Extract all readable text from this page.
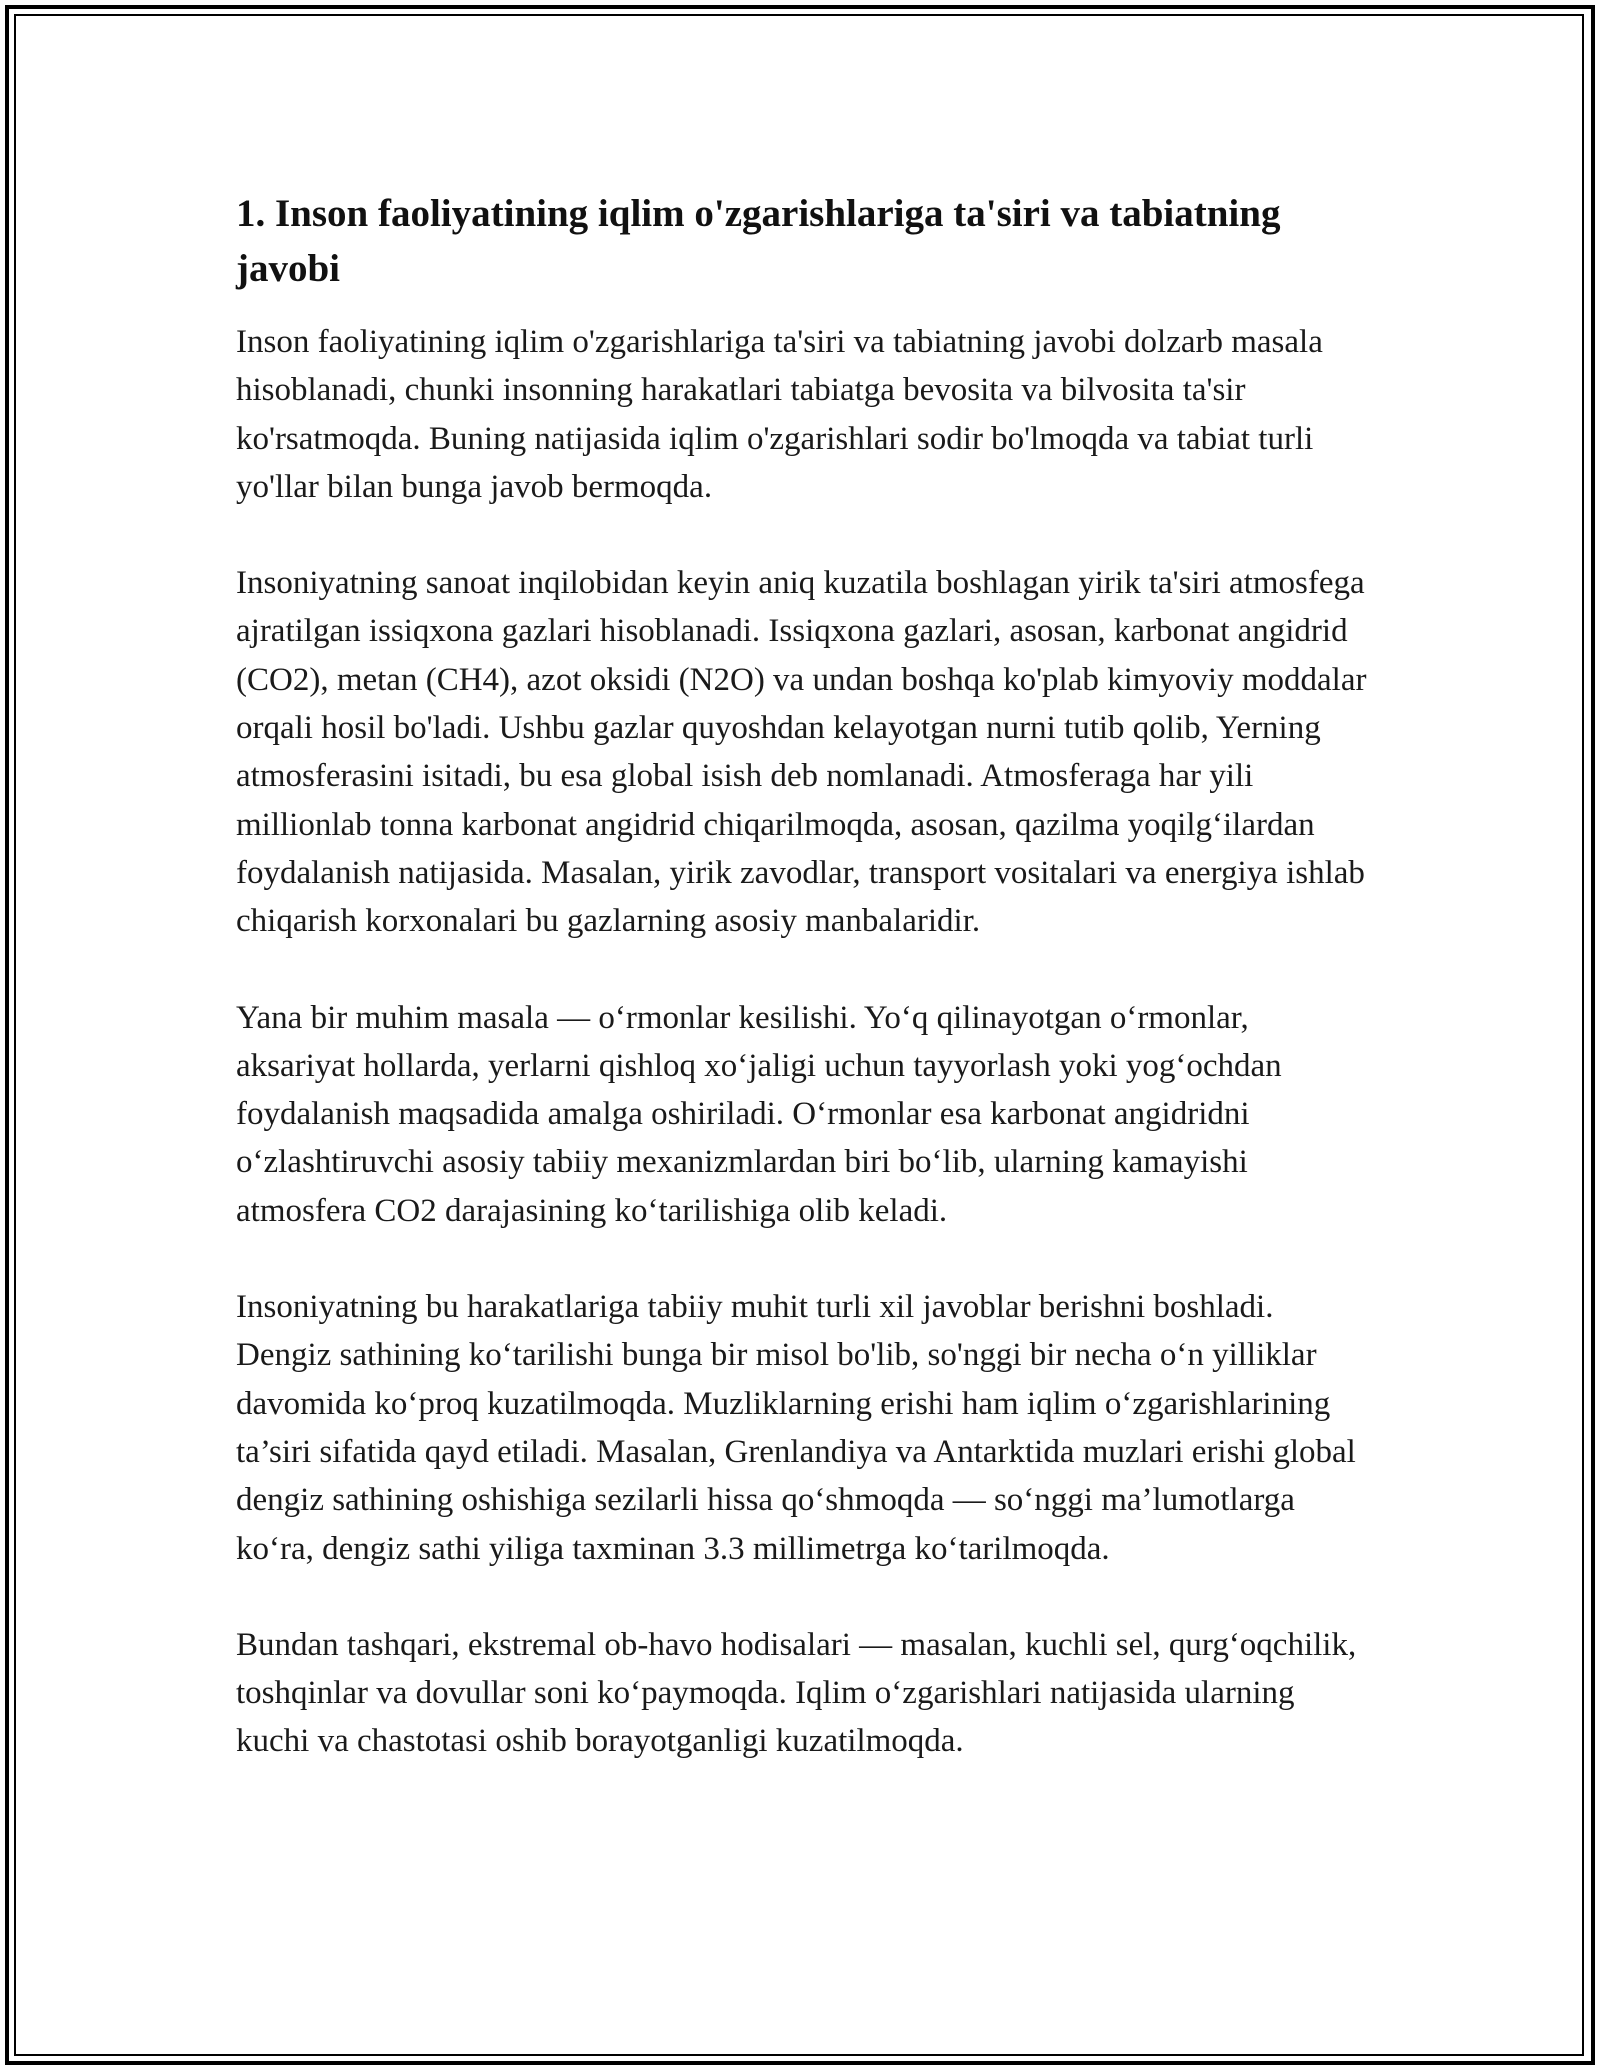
1. Inson faoliyatining iqlim o'zgarishlariga ta'siri va tabiatning javobi

Inson faoliyatining iqlim o'zgarishlariga ta'siri va tabiatning javobi dolzarb masala hisoblanadi, chunki insonning harakatlari tabiatga bevosita va bilvosita ta'sir ko'rsatmoqda. Buning natijasida iqlim o'zgarishlari sodir bo'lmoqda va tabiat turli yo'llar bilan bunga javob bermoqda.

Insoniyatning sanoat inqilobidan keyin aniq kuzatila boshlagan yirik ta'siri atmosfega ajratilgan issiqxona gazlari hisoblanadi. Issiqxona gazlari, asosan, karbonat angidrid (CO2), metan (CH4), azot oksidi (N2O) va undan boshqa ko'plab kimyoviy moddalar orqali hosil bo'ladi. Ushbu gazlar quyoshdan kelayotgan nurni tutib qolib, Yerning atmosferasini isitadi, bu esa global isish deb nomlanadi. Atmosferaga har yili millionlab tonna karbonat angidrid chiqarilmoqda, asosan, qazilma yoqilg‘ilardan foydalanish natijasida. Masalan, yirik zavodlar, transport vositalari va energiya ishlab chiqarish korxonalari bu gazlarning asosiy manbalaridir.

Yana bir muhim masala — o‘rmonlar kesilishi. Yo‘q qilinayotgan o‘rmonlar, aksariyat hollarda, yerlarni qishloq xo‘jaligi uchun tayyorlash yoki yog‘ochdan foydalanish maqsadida amalga oshiriladi. O‘rmonlar esa karbonat angidridni o‘zlashtiruvchi asosiy tabiiy mexanizmlardan biri bo‘lib, ularning kamayishi atmosfera CO2 darajasining ko‘tarilishiga olib keladi.

Insoniyatning bu harakatlariga tabiiy muhit turli xil javoblar berishni boshladi. Dengiz sathining ko‘tarilishi bunga bir misol bo'lib, so'nggi bir necha o‘n yilliklar davomida ko‘proq kuzatilmoqda. Muzliklarning erishi ham iqlim o‘zgarishlarining ta’siri sifatida qayd etiladi. Masalan, Grenlandiya va Antarktida muzlari erishi global dengiz sathining oshishiga sezilarli hissa qo‘shmoqda — so‘nggi ma’lumotlarga ko‘ra, dengiz sathi yiliga taxminan 3.3 millimetrga ko‘tarilmoqda.

Bundan tashqari, ekstremal ob-havo hodisalari — masalan, kuchli sel, qurg‘oqchilik, toshqinlar va dovullar soni ko‘paymoqda. Iqlim o‘zgarishlari natijasida ularning kuchi va chastotasi oshib borayotganligi kuzatilmoqda.
